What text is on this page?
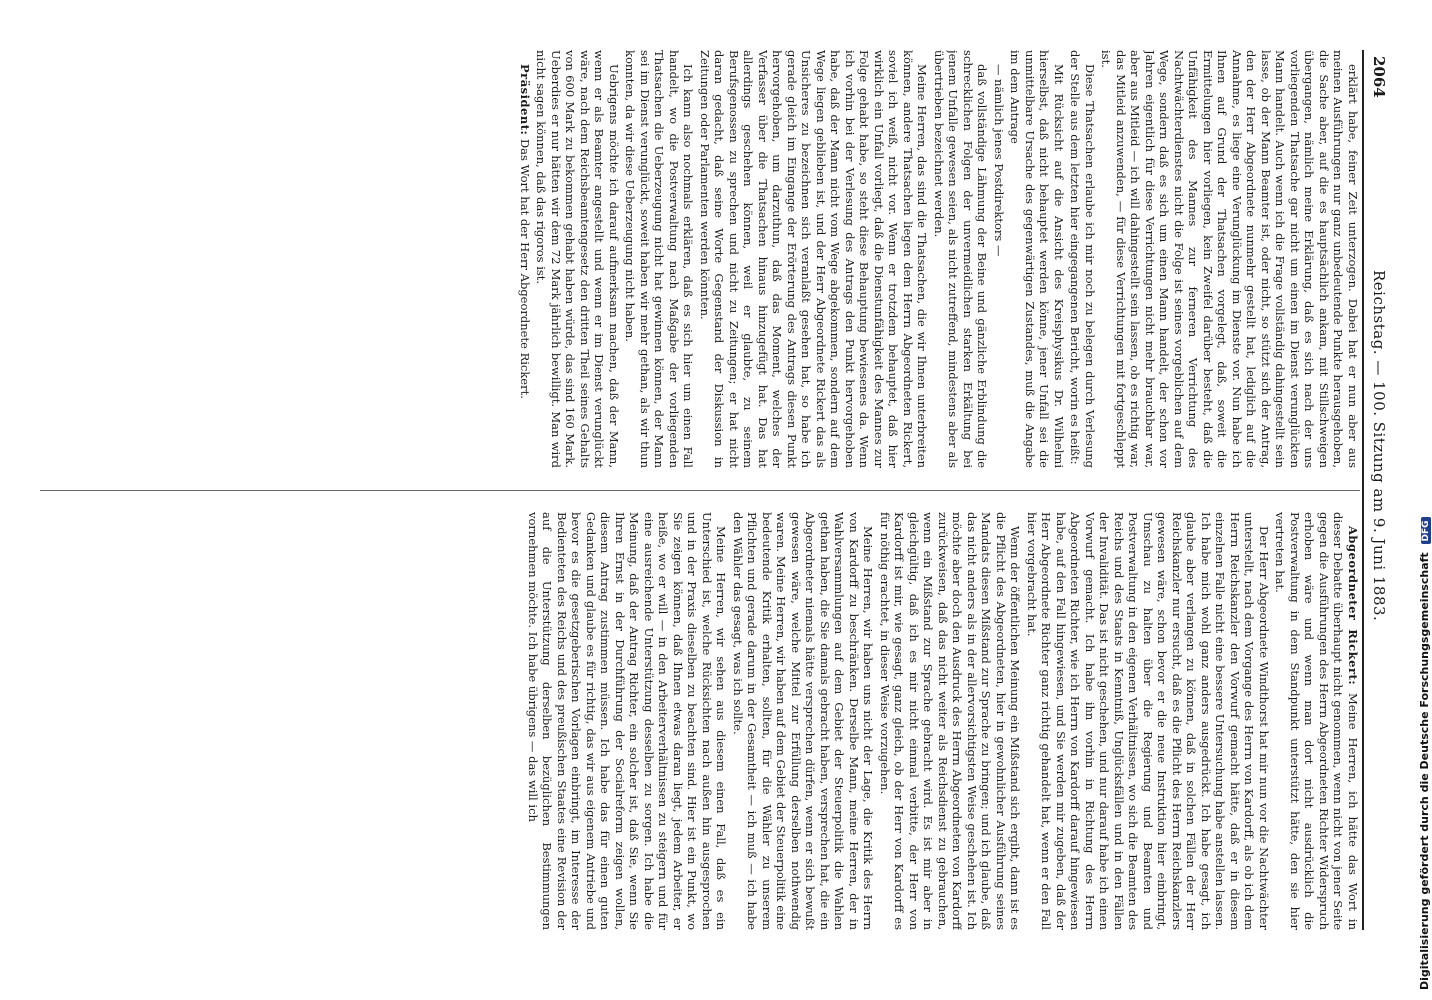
2064
Reichstag. — 100. Sitzung am 9. Juni 1883.

erklärt habe, feiner Zeit unterzogen. Dabei hat er nun aber aus meinen Ausführungen nur ganz unbedeutende Punkte herausgehoben, die Sache aber, auf die es hauptsächlich ankam, mit Stillschweigen übergangen, nämlich meine Erklärung, daß es sich nach der uns vorliegenden Thatsache gar nicht um einen im Dienst verunglückten Mann handelt. Auch wenn ich die Frage vollständig dahingestellt sein lasse, ob der Mann Beamter ist, oder nicht, so stützt sich der Antrag, den der Herr Abgeordnete nunmehr gestellt hat, lediglich auf die Annahme, es liege eine Verunglückung im Dienste vor. Nun habe ich Ihnen auf Grund der Thatsachen vorgelegt, daß, soweit die Ermittelungen hier vorliegen, kein Zweifel darüber besteht, daß die Unfähigkeit des Mannes zur ferneren Verrichtung des Nachtwächterdienstes nicht die Folge ist seines vorgeblichen auf dem Wege, sondern daß es sich um einen Mann handelt, der schon vor Jahren eigentlich für diese Verrichtungen nicht mehr brauchbar war, aber aus Mitleid — ich will dahingestellt sein lassen, ob es richtig war, das Mitleid anzuwenden, — für diese Verrichtungen mit fortgeschleppt ist.

Diese Thatsachen erlaube ich mir noch zu belegen durch Verlesung der Stelle aus dem letzten hier eingegangenen Bericht, worin es heißt:

Mit Rücksicht auf die Ansicht des Kreisphysikus Dr. Wilhelmi hierselbst, daß nicht behauptet werden könne, jener Unfall sei die unmittelbare Ursache des gegenwärtigen Zustandes, muß die Angabe im dem Antrage

— nämlich jenes Postdirektors —

daß vollständige Lähmung der Beine und gänzliche Erblindung die schrecklichen Folgen der unvermeidlichen starken Erkältung bei jenem Unfalle gewesen seien, als nicht zutreffend, mindestens aber als übertrieben bezeichnet werden.

Meine Herren, das sind die Thatsachen, die wir Ihnen unterbreiten können, andere Thatsachen liegen dem Herrn Abgeordneten Rickert, soviel ich weiß, nicht vor. Wenn er trotzdem behauptet, daß hier wirklich ein Unfall vorliegt, daß die Dienstunfähigkeit des Mannes zur Folge gehabt habe, so steht diese Behauptung bewiesenes da. Wenn ich vorhin bei der Verlesung des Antrags den Punkt hervorgehoben habe, daß der Mann nicht vom Wege abgekommen, sondern auf dem Wege liegen geblieben ist, und der Herr Abgeordnete Rickert das als Unsicheres zu bezeichnen sich veranlaßt gesehen hat, so habe ich gerade gleich im Eingange der Erörterung des Antrags diesen Punkt hervorgehoben, um darzuthun, daß das Moment, welches der Verfasser über die Thatsachen hinaus hinzugefügt hat. Das hat allerdings geschehen können, weil er glaubte, zu seinem Berufsgenossen zu sprechen und nicht zu Zeitungen; er hat nicht daran gedacht, daß seine Worte Gegenstand der Diskussion in Zeitungen oder Parlamenten werden könnten.

Ich kann also nochmals erklären, daß es sich hier um einen Fall handelt, wo die Postverwaltung nach Maßgabe der vorliegenden Thatsachen die Ueberzeugung nicht hat gewinnen können, der Mann sei im Dienst verunglückt, soweit haben wir mehr gethan, als wir thun konnten, da wir diese Ueberzeugung nicht haben.

Uebrigens möchte ich darauf aufmerksam machen, daß der Mann, wenn er als Beamter angestellt und wenn er im Dienst verunglückt wäre, nach dem Reichsbeamtengesetz den dritten Theil seines Gehalts von 600 Mark zu bekommen gehabt haben würde, das sind 160 Mark. Ueberdies er nur hätten wir dem 72 Mark jährlich bewilligt. Man wird nicht sagen können, daß das rigoros ist.

Präsident: Das Wort hat der Herr Abgeordnete Rickert.

Abgeordneter Rickert: Meine Herren, ich hätte das Wort in dieser Debatte überhaupt nicht genommen, wenn nicht von jener Seite gegen die Ausführungen des Herrn Abgeordneten Richter Widerspruch erhoben wäre und wenn man dort nicht ausdrücklich die Postverwaltung in dem Standpunkt unterstützt hätte, den sie hier vertreten hat.

Der Herr Abgeordnete Windthorst hat mir nun vor die Nachtwächter unterstellt, nach dem Vorgange des Herrn von Kardorff, als ob ich dem Herrn Reichskanzler den Vorwurf gemacht hätte, daß er in diesem einzelnen Falle nicht eine bessere Untersuchung habe anstellen lassen. Ich habe mich wohl ganz anders ausgedrückt. Ich habe gesagt, ich glaube aber verlangen zu können, daß in solchen Fällen der Herr Reichskanzler nur ersucht, daß es die Pflicht des Herrn Reichskanzlers gewesen wäre, schon bevor er die neue Instruktion hier einbringt, Umschau zu halten über die Regierung und Beamten und Postverwaltung in den eigenen Verhältnissen, wo sich die Beamten des Reichs und des Staats in Kenntniß, Unglücksfällen und in den Fällen der Invalidität. Das ist nicht geschehen, und nur darauf habe ich einen Vorwurf gemacht. Ich habe ihn vorhin in Richtung des Herrn Abgeordneten Richter, wie ich Herrn von Kardorff darauf hingewiesen habe, auf den Fall hingewiesen, und Sie werden mir zugeben, daß der Herr Abgeordnete Richter ganz richtig gehandelt hat, wenn er den Fall hier vorgebracht hat.

Wenn der öffentlichen Meinung ein Mißstand sich ergibt, dann ist es die Pflicht des Abgeordneten, hier in gewohnlicher Ausführung seines Mandats diesen Mißstand zur Sprache zu bringen; und ich glaube, daß das nicht anders als in der allervorsichtigsten Weise geschehen ist. Ich möchte aber doch den Ausdruck des Herrn Abgeordneten von Kardorff zurückweisen, daß das nicht weiter als Reichsdienst zu gebrauchen, wenn ein Mißstand zur Sprache gebracht wird. Es ist mir aber in gleichgültig, daß ich es mir nicht einmal verbitte, der Herr von Kardorff ist mir, wie gesagt, ganz gleich, ob der Herr von Kardorff es für nöthig erachtet, in dieser Weise vorzugehen.

Meine Herren, wir haben uns nicht der Lage, die Kritik des Herrn von Kardorff zu beschränken. Derselbe Mann, meine Herren, der in Wahlversammlungen auf dem Gebiet der Steuerpolitik die Wahlen gethan haben, die Sie damals gebracht haben, versprechen hat, die ein Abgeordneter niemals hätte versprechen dürfen, wenn er sich bewußt gewesen wäre, welche Mittel zur Erfüllung derselben nothwendig waren. Meine Herren, wir haben auf dem Gebiet der Steuerpolitik eine bedeutende Kritik erhalten, sollten, für die Wähler zu unserem Pflichten und gerade darum in der Gesamtheit — ich muß — ich habe den Wähler das gesagt, was ich sollte.

Meine Herren, wir sehen aus diesem einen Fall, daß es ein Unterschied ist, welche Rücksichten nach außen hin ausgesprochen und in der Praxis dieselben zu beachten sind. Hier ist ein Punkt, wo Sie zeigen können, daß Ihnen etwas daran liegt, jedem Arbeiter, er heiße, wo er will — in den Arbeiterverhältnissen zu steigern und für eine ausreichende Unterstützung desselben zu sorgen. Ich habe die Meinung, daß der Antrag Richter, ein solcher ist, daß Sie, wenn Sie Ihren Ernst in der Durchführung der Socialreform zeigen wollen, diesem Antrag zustimmen müssen. Ich habe das für einen guten Gedanken und glaube es für richtig, das wir aus eigenem Antriebe und bevor es die gesetzgeberischen Vorlagen einbringt, im Interesse der Bedienteten des Reichs und des preußischen Staates eine Revision der auf die Unterstützung derselben bezüglichen Bestimmungen vornehmen möchte. Ich habe übrigens — das will ich	Digitalisierung gefördert durch die Deutsche Forschungsgemeinschaft DFG
